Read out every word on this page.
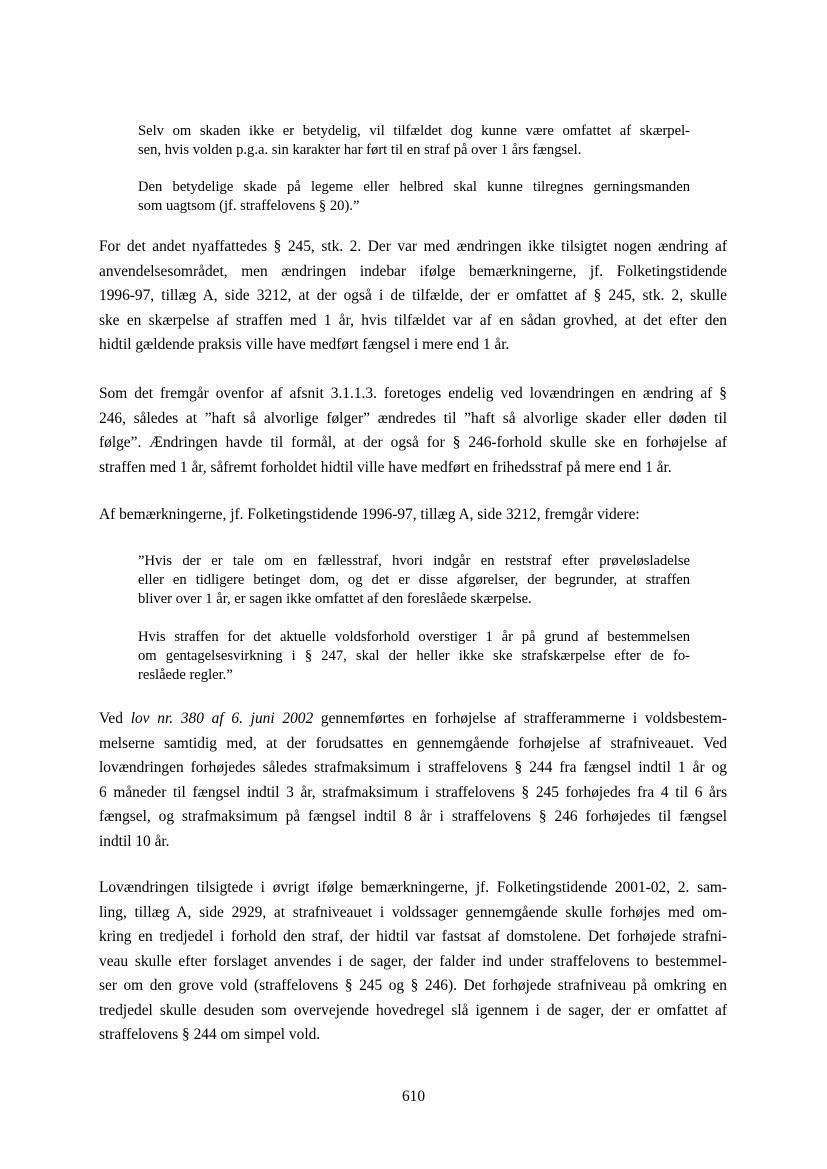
Selv om skaden ikke er betydelig, vil tilfældet dog kunne være omfattet af skærpel-
sen, hvis volden p.g.a. sin karakter har ført til en straf på over 1 års fængsel.

Den betydelige skade på legeme eller helbred skal kunne tilregnes gerningsmanden
som uagtsom (jf. straffelovens § 20).”

For det andet nyaffattedes § 245, stk. 2. Der var med ændringen ikke tilsigtet nogen ændring af
anvendelsesområdet, men ændringen indebar ifølge bemærkningerne, jf. Folketingstidende
1996-97, tillæg A, side 3212, at der også i de tilfælde, der er omfattet af § 245, stk. 2, skulle
ske en skærpelse af straffen med 1 år, hvis tilfældet var af en sådan grovhed, at det efter den
hidtil gældende praksis ville have medført fængsel i mere end 1 år.

Som det fremgår ovenfor af afsnit 3.1.1.3. foretoges endelig ved lovændringen en ændring af §
246, således at ”haft så alvorlige følger” ændredes til ”haft så alvorlige skader eller døden til
følge”. Ændringen havde til formål, at der også for § 246-forhold skulle ske en forhøjelse af
straffen med 1 år, såfremt forholdet hidtil ville have medført en frihedsstraf på mere end 1 år.

Af bemærkningerne, jf. Folketingstidende 1996-97, tillæg A, side 3212, fremgår videre:

”Hvis der er tale om en fællesstraf, hvori indgår en reststraf efter prøveløsladelse
eller en tidligere betinget dom, og det er disse afgørelser, der begrunder, at straffen
bliver over 1 år, er sagen ikke omfattet af den foreslåede skærpelse.

Hvis straffen for det aktuelle voldsforhold overstiger 1 år på grund af bestemmelsen
om gentagelsesvirkning i § 247, skal der heller ikke ske strafskærpelse efter de fo-
reslåede regler.”

Ved lov nr. 380 af 6. juni 2002 gennemførtes en forhøjelse af strafferammerne i voldsbestem-
melserne samtidig med, at der forudsattes en gennemgående forhøjelse af strafniveauet. Ved
lovændringen forhøjedes således strafmaksimum i straffelovens § 244 fra fængsel indtil 1 år og
6 måneder til fængsel indtil 3 år, strafmaksimum i straffelovens § 245 forhøjedes fra 4 til 6 års
fængsel, og strafmaksimum på fængsel indtil 8 år i straffelovens § 246 forhøjedes til fængsel
indtil 10 år.

Lovændringen tilsigtede i øvrigt ifølge bemærkningerne, jf. Folketingstidende 2001-02, 2. sam-
ling, tillæg A, side 2929, at strafniveauet i voldssager gennemgående skulle forhøjes med om-
kring en tredjedel i forhold den straf, der hidtil var fastsat af domstolene. Det forhøjede strafni-
veau skulle efter forslaget anvendes i de sager, der falder ind under straffelovens to bestemmel-
ser om den grove vold (straffelovens § 245 og § 246). Det forhøjede strafniveau på omkring en
tredjedel skulle desuden som overvejende hovedregel slå igennem i de sager, der er omfattet af
straffelovens § 244 om simpel vold.

610
